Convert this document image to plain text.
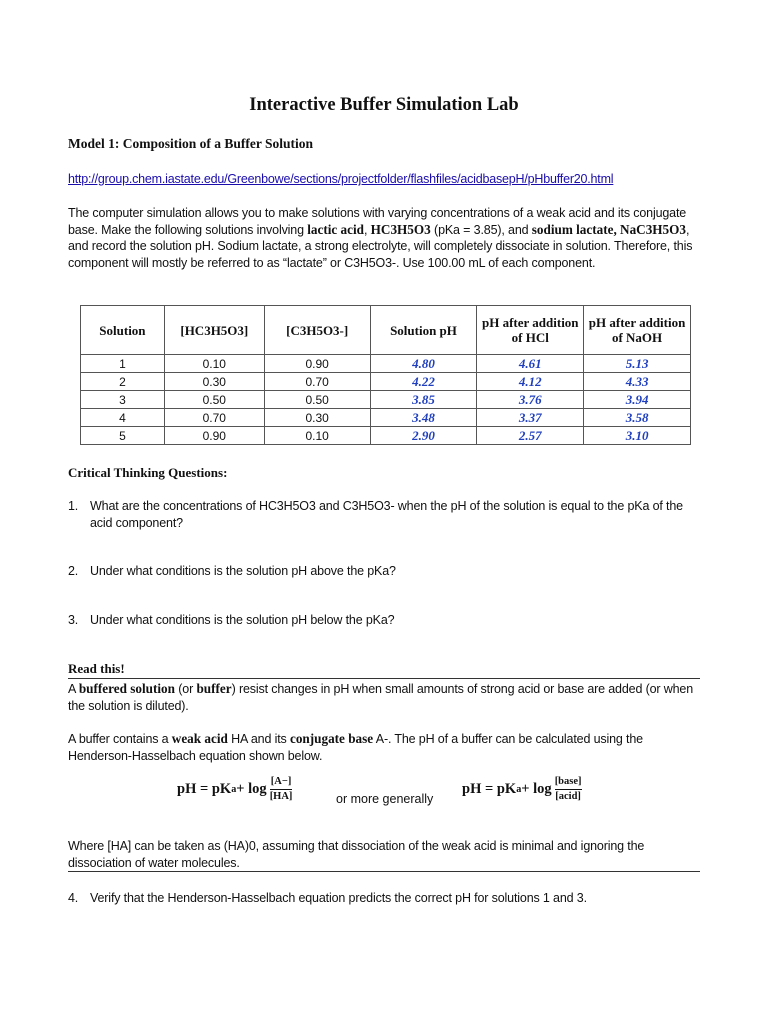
Interactive Buffer Simulation Lab
Model 1: Composition of a Buffer Solution
http://group.chem.iastate.edu/Greenbowe/sections/projectfolder/flashfiles/acidbasepH/pHbuffer20.html
The computer simulation allows you to make solutions with varying concentrations of a weak acid and its conjugate base. Make the following solutions involving lactic acid, HC3H5O3 (pKa = 3.85), and sodium lactate, NaC3H5O3, and record the solution pH. Sodium lactate, a strong electrolyte, will completely dissociate in solution. Therefore, this component will mostly be referred to as “lactate” or C3H5O3-. Use 100.00 mL of each component.
Solution	[HC3H5O3]	[C3H5O3-]	Solution pH	pH after addition of HCl	pH after addition of NaOH
1	0.10	0.90	4.80	4.61	5.13
2	0.30	0.70	4.22	4.12	4.33
3	0.50	0.50	3.85	3.76	3.94
4	0.70	0.30	3.48	3.37	3.58
5	0.90	0.10	2.90	2.57	3.10
Critical Thinking Questions:
1. What are the concentrations of HC3H5O3 and C3H5O3- when the pH of the solution is equal to the pKa of the acid component?
2. Under what conditions is the solution pH above the pKa?
3. Under what conditions is the solution pH below the pKa?
Read this!
A buffered solution (or buffer) resist changes in pH when small amounts of strong acid or base are added (or when the solution is diluted).
A buffer contains a weak acid HA and its conjugate base A-. The pH of a buffer can be calculated using the Henderson-Hasselbach equation shown below.
pH = pK $a + \log \frac{[A-]}{[HA]}$	or more generally
pH = pK $a + \log \frac{\text{[base]}}{\text{[acid]}}$
Where [HA] can be taken as (HA)0, assuming that dissociation of the weak acid is minimal and ignoring the dissociation of water molecules.
4. Verify that the Henderson-Hasselbach equation predicts the correct pH for solutions 1 and 3.
